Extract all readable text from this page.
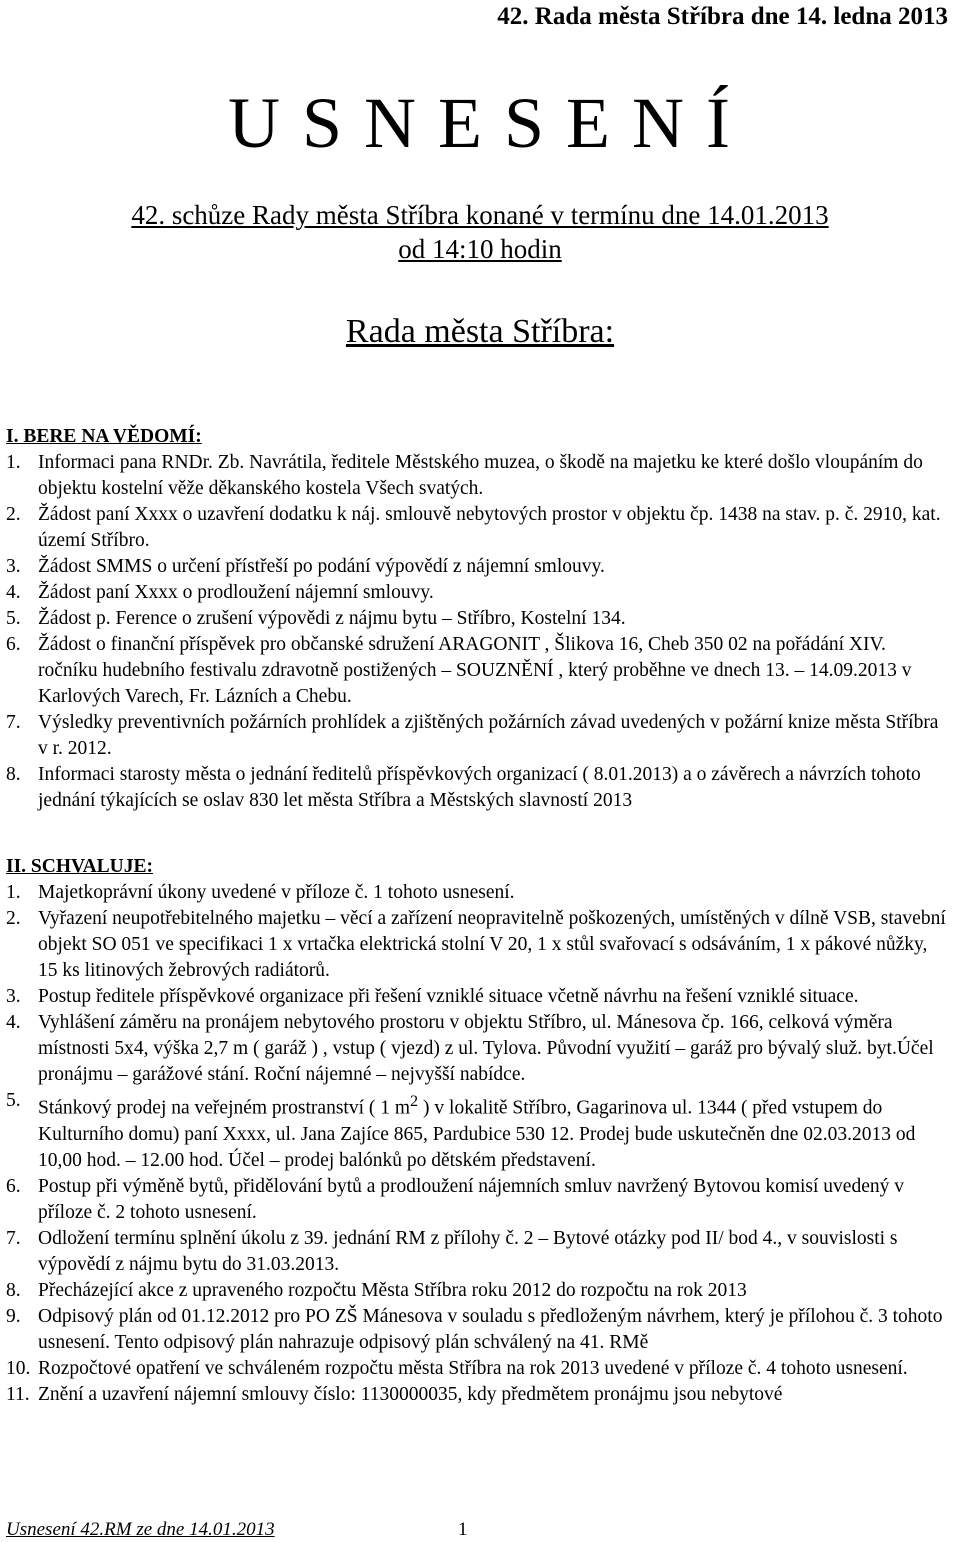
42. Rada města Stříbra dne 14. ledna 2013
U S N E S E N Í
42. schůze Rady města Stříbra konané v termínu dne 14.01.2013
od 14:10 hodin
Rada města Stříbra:
I. BERE NA VĚDOMÍ:
1. Informaci pana RNDr. Zb. Navrátila, ředitele Městského muzea, o škodě na majetku ke které došlo vloupáním do objektu kostelní věže děkanského kostela Všech svatých.
2. Žádost paní Xxxx o uzavření dodatku k náj. smlouvě nebytových prostor v objektu čp. 1438 na stav. p. č. 2910, kat. území Stříbro.
3. Žádost SMMS o určení přístřeší po podání výpovědí z nájemní smlouvy.
4. Žádost paní Xxxx o prodloužení nájemní smlouvy.
5. Žádost p. Ference o zrušení výpovědi z nájmu bytu – Stříbro, Kostelní 134.
6. Žádost o finanční příspěvek pro občanské sdružení ARAGONIT , Šlikova 16, Cheb 350 02 na pořádání XIV. ročníku hudebního festivalu zdravotně postižených – SOUZNĚNÍ , který proběhne ve dnech 13. – 14.09.2013 v Karlových Varech, Fr. Lázních a Chebu.
7. Výsledky preventivních požárních prohlídek a zjištěných požárních závad uvedených v požární knize města Stříbra v r. 2012.
8. Informaci starosty města o jednání ředitelů příspěvkových organizací ( 8.01.2013) a o závěrech a návrzích tohoto jednání týkajících se oslav 830 let města Stříbra a Městských slavností 2013
II. SCHVALUJE:
1. Majetkoprávní úkony uvedené v příloze č. 1 tohoto usnesení.
2. Vyřazení neupotřebitelného majetku – věcí a zařízení neopravitelně poškozených, umístěných v dílně VSB, stavební objekt SO 051 ve specifikaci 1 x vrtačka elektrická stolní V 20, 1 x stůl svařovací s odsáváním, 1 x pákové nůžky, 15 ks litinových žebrových radiátorů.
3. Postup ředitele příspěvkové organizace při řešení vzniklé situace včetně návrhu na řešení vzniklé situace.
4. Vyhlášení záměru na pronájem nebytového prostoru v objektu Stříbro, ul. Mánesova čp. 166, celková výměra místnosti 5x4, výška 2,7 m ( garáž ) , vstup ( vjezd) z ul. Tylova. Původní využití – garáž pro bývalý služ. byt.Účel pronájmu – garážové stání. Roční nájemné – nejvyšší nabídce.
5. Stánkový prodej na veřejném prostranství ( 1 $m^2$ ) v lokalitě Stříbro, Gagarinova ul. 1344 ( před vstupem do Kulturního domu) paní Xxxx, ul. Jana Zajíce 865, Pardubice 530 12. Prodej bude uskutečněn dne 02.03.2013 od 10,00 hod. – 12.00 hod. Účel – prodej balónků po dětském představení.
6. Postup při výměně bytů, přidělování bytů a prodloužení nájemních smluv navržený Bytovou komisí uvedený v příloze č. 2 tohoto usnesení.
7. Odložení termínu splnění úkolu z 39. jednání RM z přílohy č. 2 – Bytové otázky pod II/ bod 4., v souvislosti s výpovědí z nájmu bytu do 31.03.2013.
8. Přecházející akce z upraveného rozpočtu Města Stříbra roku 2012 do rozpočtu na rok 2013
9. Odpisový plán od 01.12.2012 pro PO ZŠ Mánesova v souladu s předloženým návrhem, který je přílohou č. 3 tohoto usnesení. Tento odpisový plán nahrazuje odpisový plán schválený na 41. RMě
10. Rozpočtové opatření ve schváleném rozpočtu města Stříbra na rok 2013 uvedené v příloze č. 4 tohoto usnesení.
11. Znění a uzavření nájemní smlouvy číslo: 1130000035, kdy předmětem pronájmu jsou nebytové
Usnesení 42.RM ze dne 14.01.2013	1
